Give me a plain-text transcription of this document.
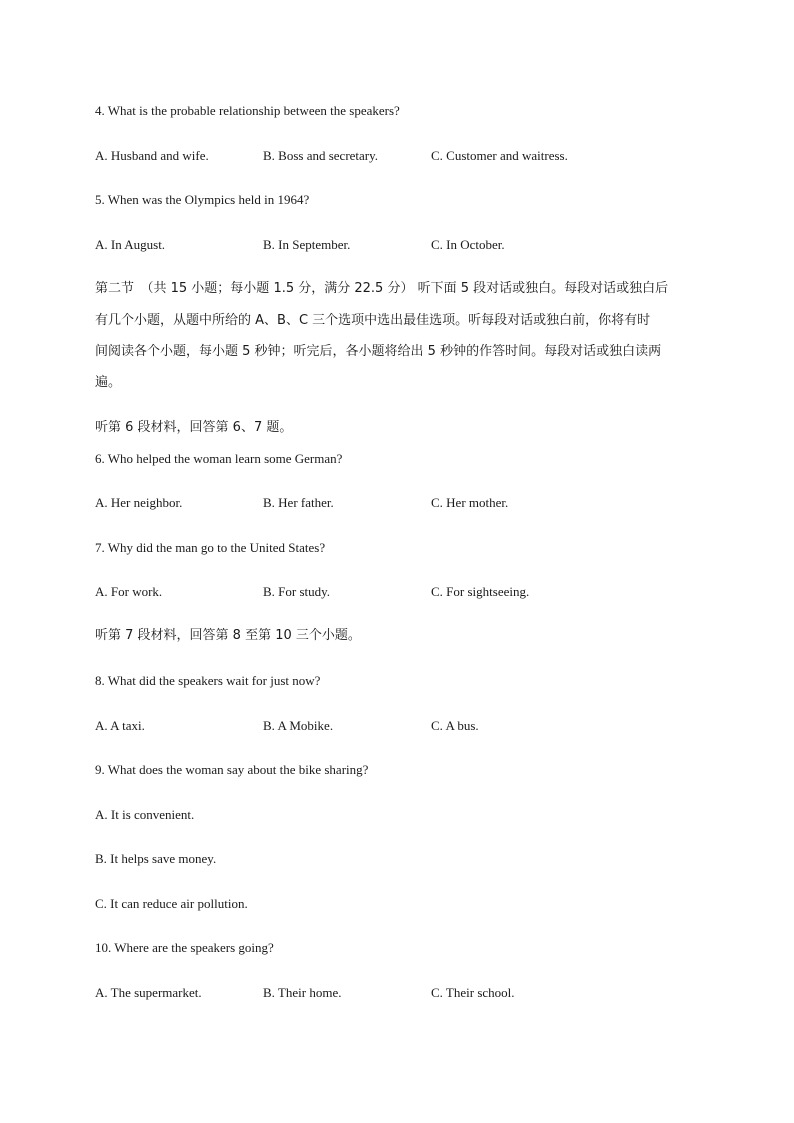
4. What is the probable relationship between the speakers?
A. Husband and wife.	B. Boss and secretary.	C. Customer and waitress.
5. When was the Olympics held in 1964?
A. In August.	B. In September.	C. In October.
第二节　（共 15 小题；每小题 1.5 分，满分 22.5 分） 听下面 5 段对话或独白。每段对话或独白后
有几个小题，从题中所给的 A、B、C 三个选项中选出最佳选项。听每段对话或独白前，你将有时
间阅读各个小题，每小题 5 秒钟；听完后，各小题将给出 5 秒钟的作答时间。每段对话或独白读两
遍。
听第 6 段材料，回答第 6、7 题。
6. Who helped the woman learn some German?
A. Her neighbor.	B. Her father.	C. Her mother.
7. Why did the man go to the United States?
A. For work.	B. For study.	C. For sightseeing.
听第 7 段材料，回答第 8 至第 10 三个小题。
8. What did the speakers wait for just now?
A. A taxi.	B. A Mobike.	C. A bus.
9. What does the woman say about the bike sharing?
A. It is convenient.
B. It helps save money.
C. It can reduce air pollution.
10. Where are the speakers going?
A. The supermarket.	B. Their home.	C. Their school.
